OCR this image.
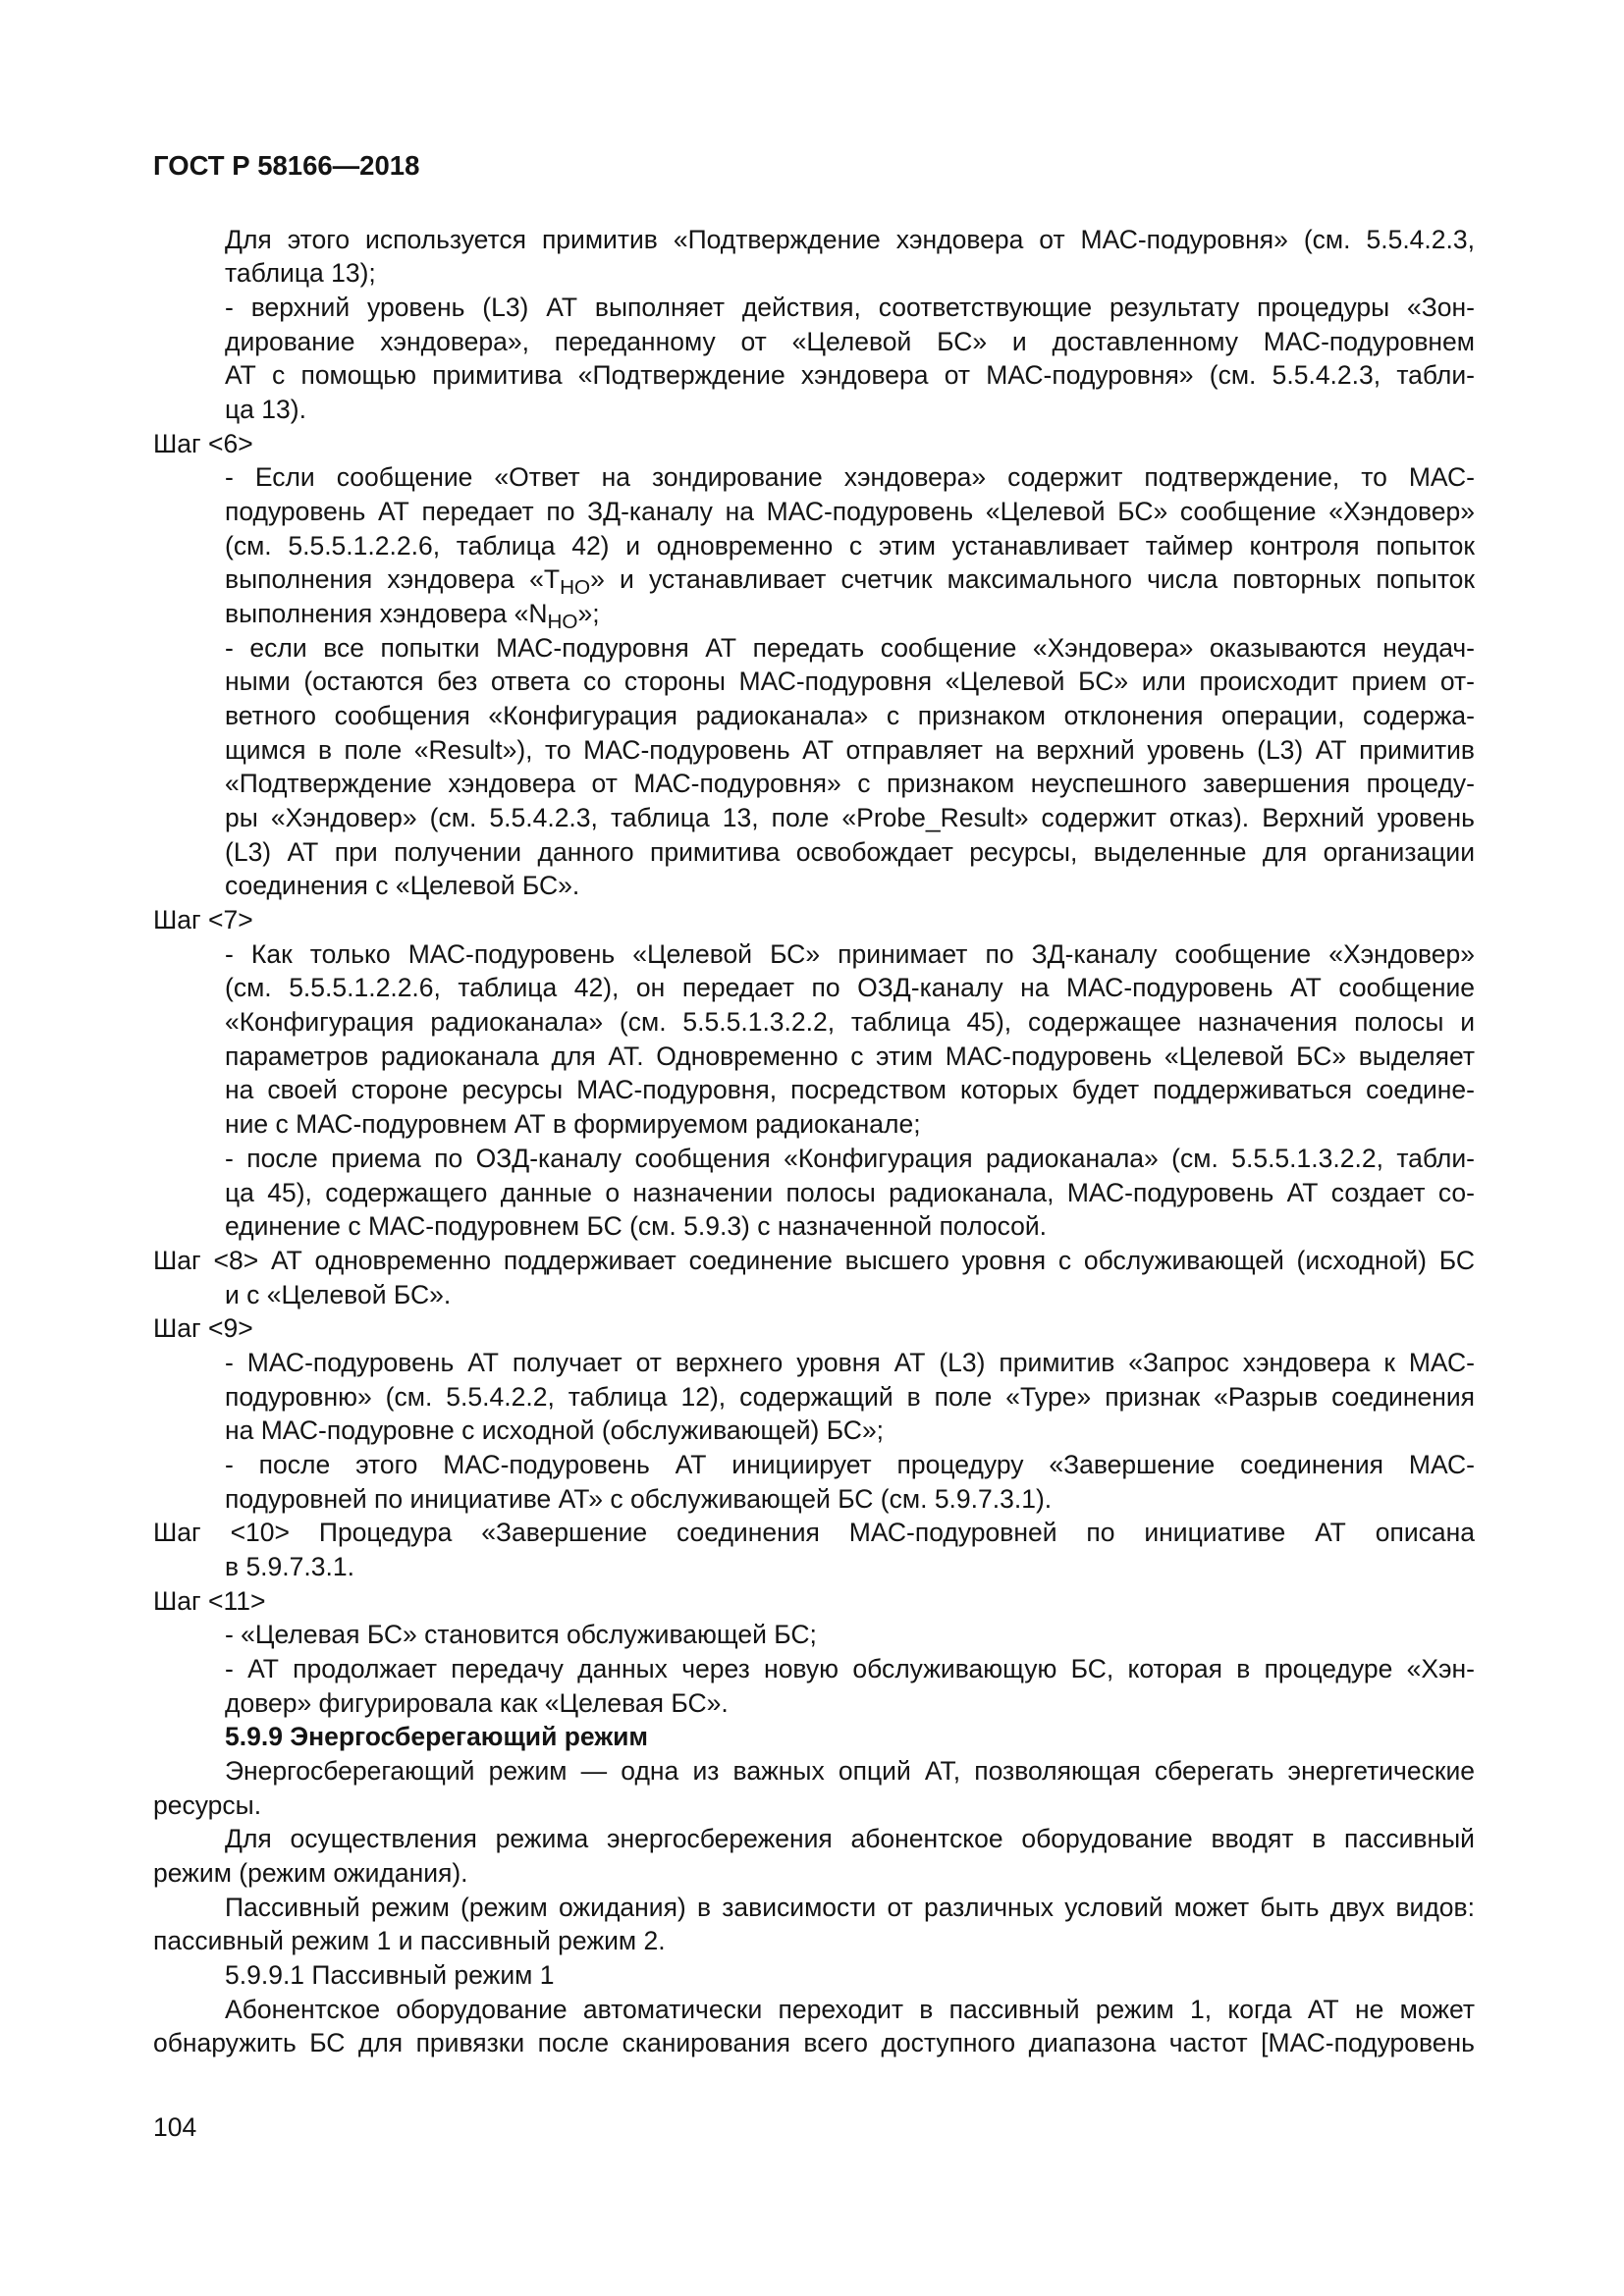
ГОСТ Р 58166—2018
Для этого используется примитив «Подтверждение хэндовера от МАС-подуровня» (см. 5.5.4.2.3,
таблица 13);
- верхний уровень (L3) АТ выполняет действия, соответствующие результату процедуры «Зон-
дирование хэндовера», переданному от «Целевой БС» и доставленному МАС-подуровнем
АТ с помощью примитива «Подтверждение хэндовера от МАС-подуровня» (см. 5.5.4.2.3, табли-
ца 13).
Шаг <6>
- Если сообщение «Ответ на зондирование хэндовера» содержит подтверждение, то МАС-
подуровень АТ передает по ЗД-каналу на МАС-подуровень «Целевой БС» сообщение «Хэндовер»
(см. 5.5.5.1.2.2.6, таблица 42) и одновременно с этим устанавливает таймер контроля попыток
выполнения хэндовера «$T_{HO}$» и устанавливает счетчик максимального числа повторных попыток
выполнения хэндовера «$N_{HO}$»;
- если все попытки МАС-подуровня АТ передать сообщение «Хэндовера» оказываются неудач-
ными (остаются без ответа со стороны МАС-подуровня «Целевой БС» или происходит прием от-
ветного сообщения «Конфигурация радиоканала» с признаком отклонения операции, содержа-
щимся в поле «Result»), то МАС-подуровень АТ отправляет на верхний уровень (L3) АТ примитив
«Подтверждение хэндовера от МАС-подуровня» с признаком неуспешного завершения процеду-
ры «Хэндовер» (см. 5.5.4.2.3, таблица 13, поле «Probe_Result» содержит отказ). Верхний уровень
(L3) АТ при получении данного примитива освобождает ресурсы, выделенные для организации
соединения с «Целевой БС».
Шаг <7>
- Как только МАС-подуровень «Целевой БС» принимает по ЗД-каналу сообщение «Хэндовер»
(см. 5.5.5.1.2.2.6, таблица 42), он передает по ОЗД-каналу на МАС-подуровень АТ сообщение
«Конфигурация радиоканала» (см. 5.5.5.1.3.2.2, таблица 45), содержащее назначения полосы и
параметров радиоканала для АТ. Одновременно с этим МАС-подуровень «Целевой БС» выделяет
на своей стороне ресурсы МАС-подуровня, посредством которых будет поддерживаться соедине-
ние с МАС-подуровнем АТ в формируемом радиоканале;
- после приема по ОЗД-каналу сообщения «Конфигурация радиоканала» (см. 5.5.5.1.3.2.2, табли-
ца 45), содержащего данные о назначении полосы радиоканала, МАС-подуровень АТ создает со-
единение с МАС-подуровнем БС (см. 5.9.3) с назначенной полосой.
Шаг <8> АТ одновременно поддерживает соединение высшего уровня с обслуживающей (исходной) БС
и с «Целевой БС».
Шаг <9>
- МАС-подуровень АТ получает от верхнего уровня АТ (L3) примитив «Запрос хэндовера к МАС-
подуровню» (см. 5.5.4.2.2, таблица 12), содержащий в поле «Type» признак «Разрыв соединения
на МАС-подуровне с исходной (обслуживающей) БС»;
- после этого МАС-подуровень АТ инициирует процедуру «Завершение соединения МАС-
подуровней по инициативе АТ» с обслуживающей БС (см. 5.9.7.3.1).
Шаг <10> Процедура «Завершение соединения МАС-подуровней по инициативе АТ описана
в 5.9.7.3.1.
Шаг <11>
- «Целевая БС» становится обслуживающей БС;
- АТ продолжает передачу данных через новую обслуживающую БС, которая в процедуре «Хэн-
довер» фигурировала как «Целевая БС».
5.9.9 Энергосберегающий режим
Энергосберегающий режим — одна из важных опций АТ, позволяющая сберегать энергетические
ресурсы.
Для осуществления режима энергосбережения абонентское оборудование вводят в пассивный
режим (режим ожидания).
Пассивный режим (режим ожидания) в зависимости от различных условий может быть двух видов:
пассивный режим 1 и пассивный режим 2.
5.9.9.1 Пассивный режим 1
Абонентское оборудование автоматически переходит в пассивный режим 1, когда АТ не может
обнаружить БС для привязки после сканирования всего доступного диапазона частот [МАС-подуровень
104
